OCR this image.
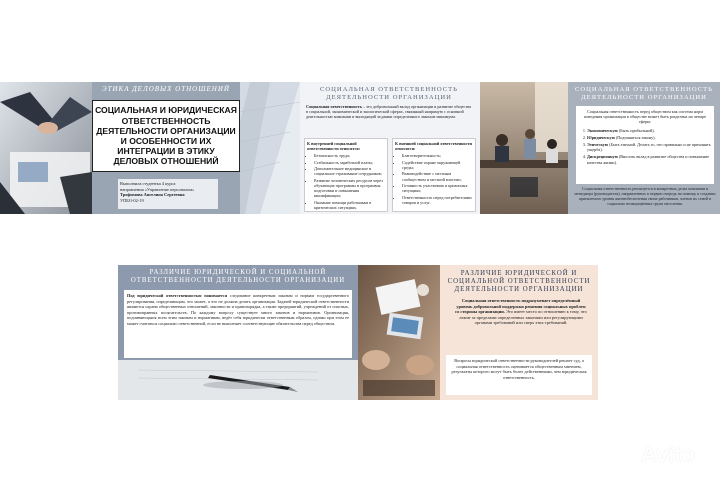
ЭТИКА ДЕЛОВЫХ ОТНОШЕНИЙ
СОЦИАЛЬНАЯ И ЮРИДИЧЕСКАЯ ОТВЕТСТВЕННОСТЬ ДЕЯТЕЛЬНОСТИ ОРГАНИЗАЦИИ И ОСОБЕННОСТИ ИХ ИНТЕГРАЦИИ В ЭТИКУ ДЕЛОВЫХ ОТНОШЕНИЙ
Выполнила студентка 4 курса
направления «Управление персоналом»
Трофимова Ангелина Сергеевна
УПБО-02-19
СОЦИАЛЬНАЯ ОТВЕТСТВЕННОСТЬ ДЕЯТЕЛЬНОСТИ ОРГАНИЗАЦИИ
Социальная ответственность – это добровольный вклад организации в развитие общества в социальной, экономической и экологической сферах, связанный напрямую с основной деятельностью компании и выходящий за рамки определенного законом минимума.
К внутренней социальной ответственности относятся:
• Безопасность труда;
• Стабильность заработной платы;
• Дополнительное медицинское и социальное страхование сотрудников;
• Развитие человеческих ресурсов через обучающие программы и программы подготовки и повышения квалификации;
• Оказание помощи работникам в критических ситуациях.
К внешней социальной ответственности относятся:
• Благотворительность;
• Содействие охране окружающей среды;
• Взаимодействие с местным сообществом и местной властью;
• Готовность участвовать в кризисных ситуациях;
• Ответственность перед потребителями товаров и услуг.
СОЦИАЛЬНАЯ ОТВЕТСТВЕННОСТЬ ДЕЯТЕЛЬНОСТИ ОРГАНИЗАЦИИ
Социальная ответственность перед обществом как система норм поведения организации в обществе может быть разделена на четыре сферы:
1. Экономическую (Быть прибыльной).
2. Юридическую (Подчиняться закону).
3. Этическую (Быть этичной. Делать то, что правильно и не причинять ущерба).
4. Дискреционную (Вносить вклад в развитие общества и повышение качества жизни).
Социальная ответственность реализуется в конкретных делах компании и менеджера (руководителя), направленных в первую очередь на помощь в создании приемлемого уровня жизнеобеспечения своих работников, членов их семей и социально незащищённых групп населения.
РАЗЛИЧИЕ ЮРИДИЧЕСКОЙ И СОЦИАЛЬНОЙ ОТВЕТСТВЕННОСТИ ДЕЯТЕЛЬНОСТИ ОРГАНИЗАЦИИ
Под юридической ответственностью понимается следование конкретным законам и нормам государственного регулирования, определяющим, что может, а что не должна делать организация. Задачей юридической ответственности являются охрана общественных отношений, законности и правопорядка, а также предприятий, учреждений от опасных, противоправных посягательств. По каждому вопросу существует много законов и нормативов. Организация, подчиняющаяся всем этим законам и нормативам, ведёт себя юридически ответственным образом, однако при этом ее может считаться социально ответственной, если не выполняет соответствующие обязательства перед обществом.
РАЗЛИЧИЕ ЮРИДИЧЕСКОЙ И СОЦИАЛЬНОЙ ОТВЕТСТВЕННОСТИ ДЕЯТЕЛЬНОСТИ ОРГАНИЗАЦИИ
Социальная ответственность подразумевает определённый уровень добровольной поддержки решения социальных проблем со стороны организации. Это имеет место по отношению к тому, что лежит за пределами определенных законами или регулирующими органами требований или сверх этих требований.
Вопросы юридической ответственности руководителей решает суд, а социальная ответственность оценивается общественным мнением, результаты которого могут быть более действенными, чем юридическая ответственность.
Avito
